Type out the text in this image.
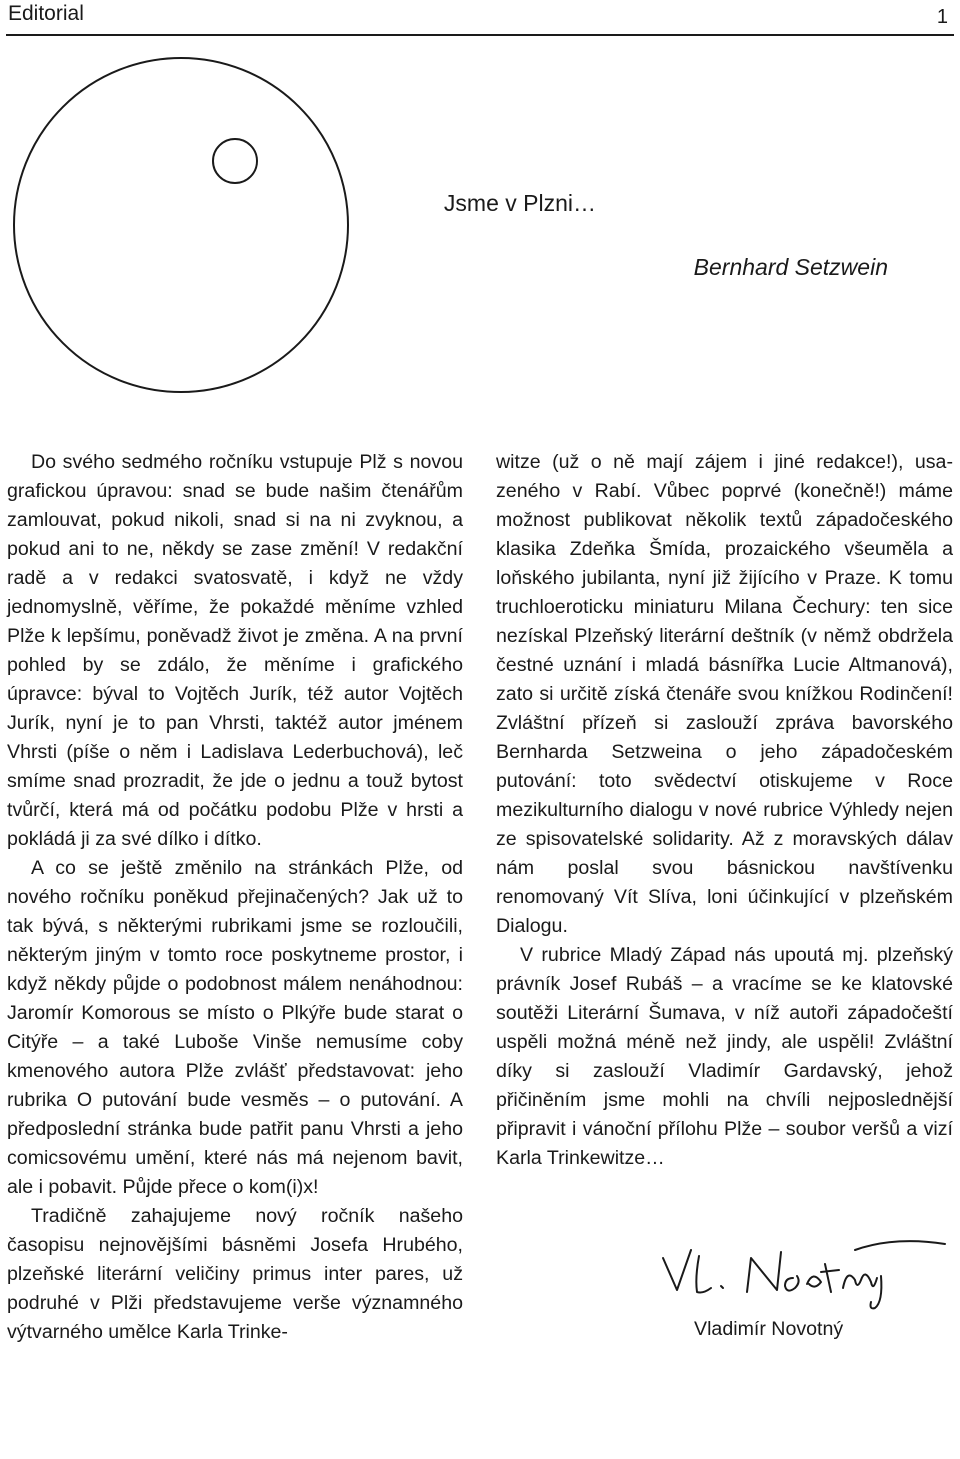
Editorial	1
Jsme v Plzni…
Bernhard Setzwein

Do svého sedmého ročníku vstupuje Plž s novou grafickou úpravou: snad se bude našim čtenářům zamlouvat, pokud nikoli, snad si na ni zvyknou, a pokud ani to ne, někdy se zase změní! V redakční radě a v redakci svatosvatě, i když ne vždy jednomyslně, věříme, že pokaždé měníme vzhled Plže k lepšímu, poněvadž život je změna. A na první pohled by se zdálo, že měníme i grafického úpravce: býval to Vojtěch Jurík, též autor Vojtěch Jurík, nyní je to pan Vhrsti, taktéž autor jménem Vhrsti (píše o něm i Ladislava Lederbuchová), leč smíme snad prozradit, že jde o jednu a touž bytost tvůrčí, která má od počátku podobu Plže v hrsti a pokládá ji za své dílko i dítko.

A co se ještě změnilo na stránkách Plže, od nového ročníku poněkud přejinačených? Jak už to tak bývá, s některými rubrikami jsme se rozloučili, některým jiným v tomto roce poskytneme prostor, i když někdy půjde o podobnost málem nenáhodnou: Jaromír Komorous se místo o Plkýře bude starat o Citýře – a také Luboše Vinše nemusíme coby kmenového autora Plže zvlášť představovat: jeho rubrika O putování bude vesměs – o putování. A předposlední stránka bude patřit panu Vhrsti a jeho comicsovému umění, které nás má nejenom bavit, ale i pobavit. Půjde přece o kom(i)x!

Tradičně zahajujeme nový ročník našeho časopisu nejnovějšími básněmi Josefa Hrubého, plzeňské literární veličiny primus inter pares, už podruhé v Plži představujeme verše významného výtvarného umělce Karla Trinke-

witze (už o ně mají zájem i jiné redakce!), usazeného v Rabí. Vůbec poprvé (konečně!) máme možnost publikovat několik textů západočeského klasika Zdeňka Šmída, prozaického všeuměla a loňského jubilanta, nyní již žijícího v Praze. K tomu truchloeroticku miniaturu Milana Čechury: ten sice nezískal Plzeňský literární deštník (v němž obdržela čestné uznání i mladá básnířka Lucie Altmanová), zato si určitě získá čtenáře svou knížkou Rodinčení! Zvláštní přízeň si zaslouží zpráva bavorského Bernharda Setzweina o jeho západočeském putování: toto svědectví otiskujeme v Roce mezikulturního dialogu v nové rubrice Výhledy nejen ze spisovatelské solidarity. Až z moravských dálav nám poslal svou básnickou navštívenku renomovaný Vít Slíva, loni účinkující v plzeňském Dialogu.

V rubrice Mladý Západ nás upoutá mj. plzeňský právník Josef Rubáš – a vracíme se ke klatovské soutěži Literární Šumava, v níž autoři západočeští uspěli možná méně než jindy, ale uspěli! Zvláštní díky si zaslouží Vladimír Gardavský, jehož přičiněním jsme mohli na chvíli nejposlednější připravit i vánoční přílohu Plže – soubor veršů a vizí Karla Trinkewitze…

Vladimír Novotný
